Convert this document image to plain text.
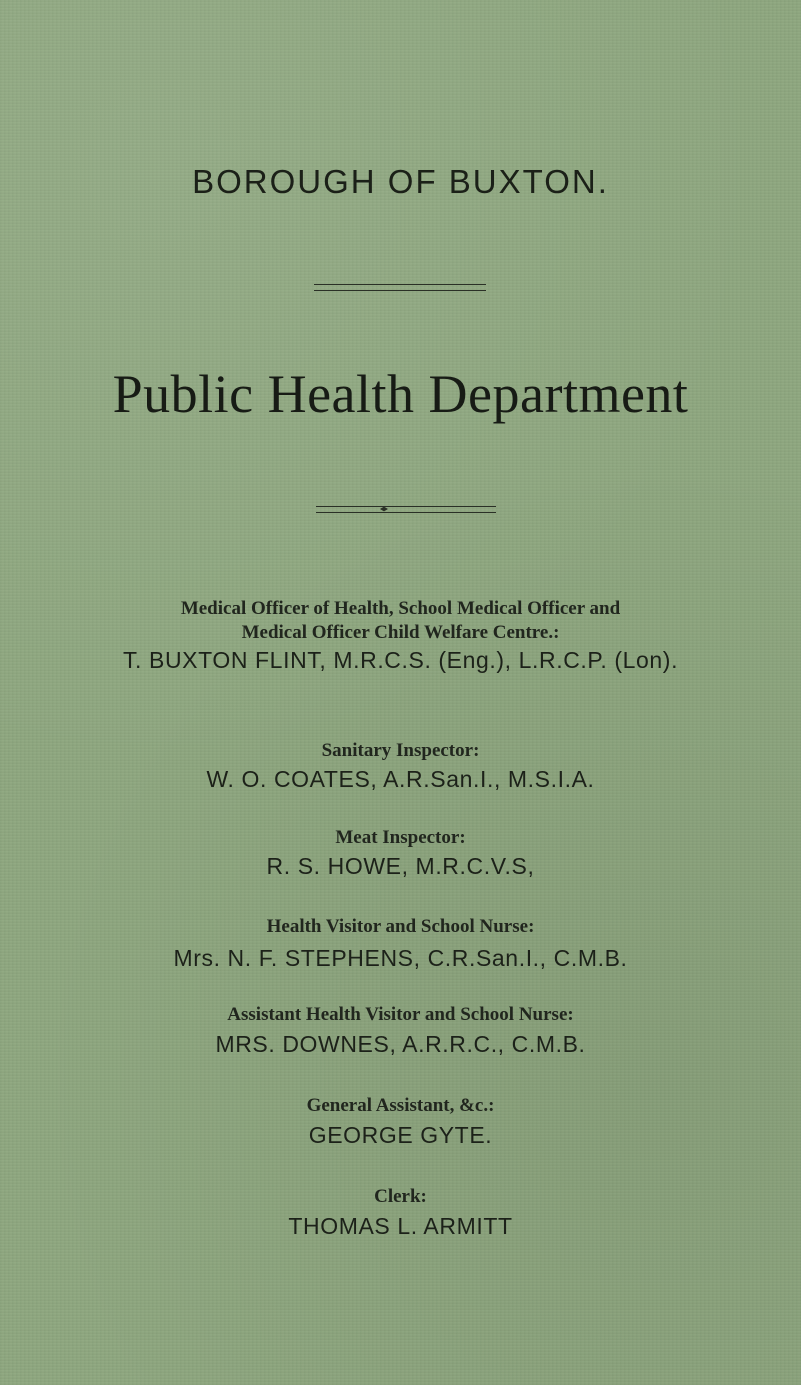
BOROUGH OF BUXTON.
Public Health Department
Medical Officer of Health, School Medical Officer and
Medical Officer Child Welfare Centre.:
T. BUXTON FLINT, M.R.C.S. (Eng.), L.R.C.P. (Lon).
Sanitary Inspector:
W. O. COATES, A.R.San.I., M.S.I.A.
Meat Inspector:
R. S. HOWE, M.R.C.V.S,
Health Visitor and School Nurse:
Mrs. N. F. STEPHENS, C.R.San.I., C.M.B.
Assistant Health Visitor and School Nurse:
MRS. DOWNES, A.R.R.C., C.M.B.
General Assistant, &c.:
GEORGE GYTE.
Clerk:
THOMAS L. ARMITT
